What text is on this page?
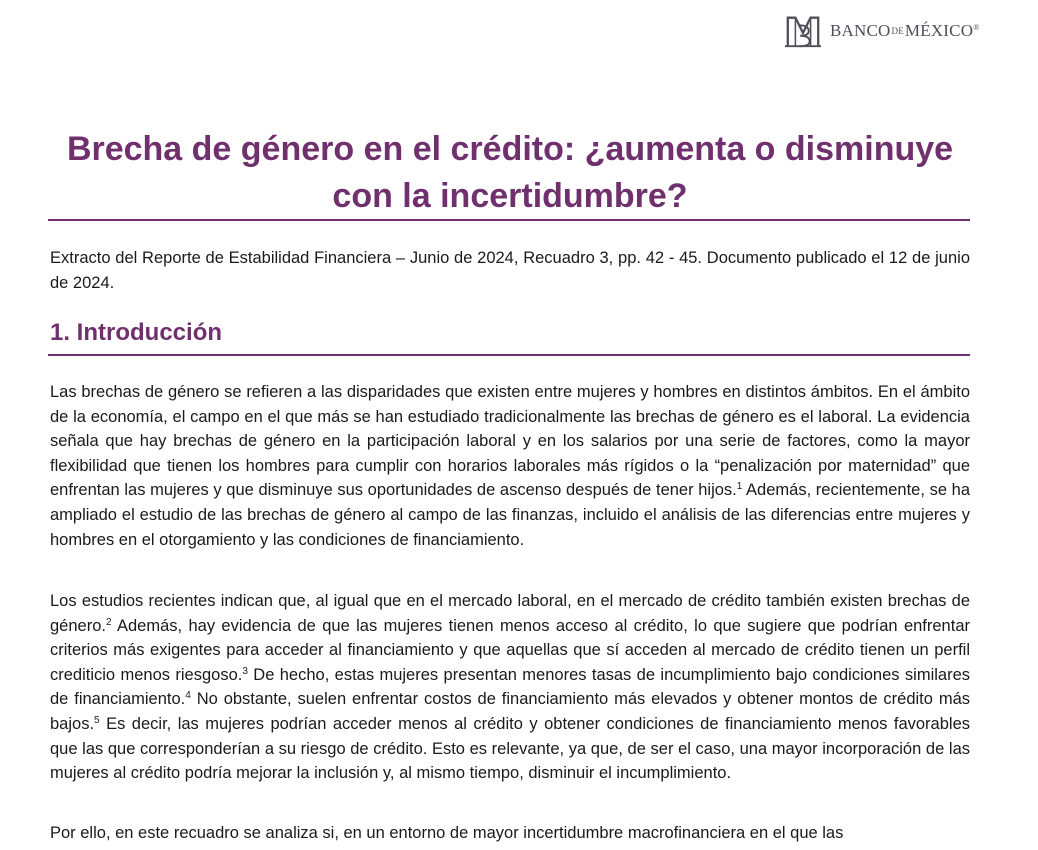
BANCODEMÉXICO®
Brecha de género en el crédito: ¿aumenta o disminuye con la incertidumbre?

Extracto del Reporte de Estabilidad Financiera – Junio de 2024, Recuadro 3, pp. 42 - 45. Documento publicado el 12 de junio de 2024.

1. Introducción

Las brechas de género se refieren a las disparidades que existen entre mujeres y hombres en distintos ámbitos. En el ámbito de la economía, el campo en el que más se han estudiado tradicionalmente las brechas de género es el laboral. La evidencia señala que hay brechas de género en la participación laboral y en los salarios por una serie de factores, como la mayor flexibilidad que tienen los hombres para cumplir con horarios laborales más rígidos o la “penalización por maternidad” que enfrentan las mujeres y que disminuye sus oportunidades de ascenso después de tener hijos.$^1$ Además, recientemente, se ha ampliado el estudio de las brechas de género al campo de las finanzas, incluido el análisis de las diferencias entre mujeres y hombres en el otorgamiento y las condiciones de financiamiento.

Los estudios recientes indican que, al igual que en el mercado laboral, en el mercado de crédito también existen brechas de género.$^2$ Además, hay evidencia de que las mujeres tienen menos acceso al crédito, lo que sugiere que podrían enfrentar criterios más exigentes para acceder al financiamiento y que aquellas que sí acceden al mercado de crédito tienen un perfil crediticio menos riesgoso.$^3$ De hecho, estas mujeres presentan menores tasas de incumplimiento bajo condiciones similares de financiamiento.$^4$ No obstante, suelen enfrentar costos de financiamiento más elevados y obtener montos de crédito más bajos.$^5$ Es decir, las mujeres podrían acceder menos al crédito y obtener condiciones de financiamiento menos favorables que las que corresponderían a su riesgo de crédito. Esto es relevante, ya que, de ser el caso, una mayor incorporación de las mujeres al crédito podría mejorar la inclusión y, al mismo tiempo, disminuir el incumplimiento.

Por ello, en este recuadro se analiza si, en un entorno de mayor incertidumbre macrofinanciera en el que las
